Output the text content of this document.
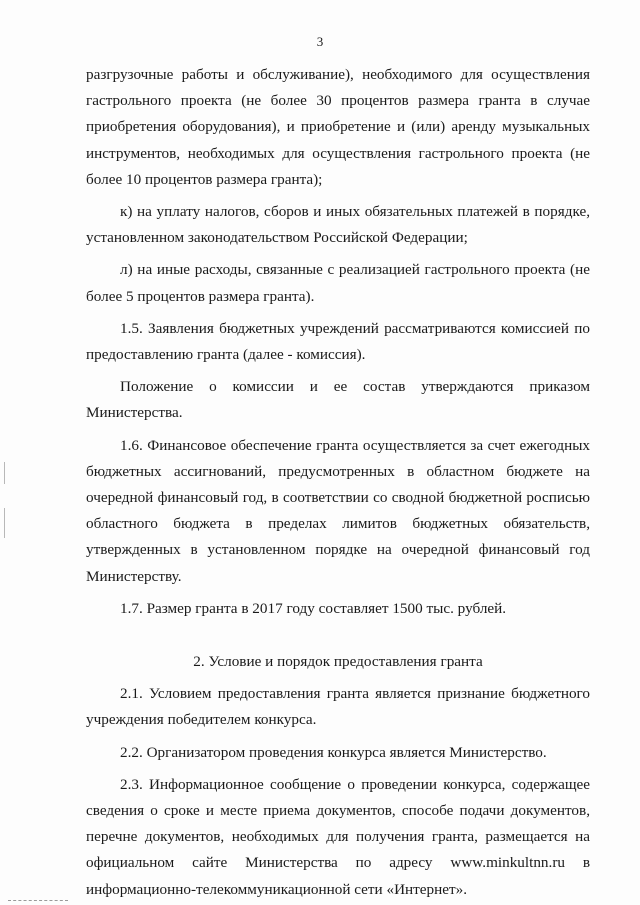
3

разгрузочные работы и обслуживание), необходимого для осуществления гастрольного проекта (не более 30 процентов размера гранта в случае приобретения оборудования), и приобретение и (или) аренду музыкальных инструментов, необходимых для осуществления гастрольного проекта (не более 10 процентов размера гранта);

к) на уплату налогов, сборов и иных обязательных платежей в порядке, установленном законодательством Российской Федерации;

л) на иные расходы, связанные с реализацией гастрольного проекта (не более 5 процентов размера гранта).

1.5. Заявления бюджетных учреждений рассматриваются комиссией по предоставлению гранта (далее - комиссия).

Положение о комиссии и ее состав утверждаются приказом

Министерства.

1.6. Финансовое обеспечение гранта осуществляется за счет ежегодных бюджетных ассигнований, предусмотренных в областном бюджете на очередной финансовый год, в соответствии со сводной бюджетной росписью областного бюджета в пределах лимитов бюджетных обязательств, утвержденных в установленном порядке на очередной финансовый год Министерству.

1.7. Размер гранта в 2017 году составляет 1500 тыс. рублей.

2. Условие и порядок предоставления гранта

2.1. Условием предоставления гранта является признание бюджетного учреждения победителем конкурса.

2.2. Организатором проведения конкурса является Министерство.

2.3. Информационное сообщение о проведении конкурса, содержащее сведения о сроке и месте приема документов, способе подачи документов, перечне документов, необходимых для получения гранта, размещается на официальном сайте Министерства по адресу www.minkultnn.ru в информационно-телекоммуникационной сети «Интернет».
